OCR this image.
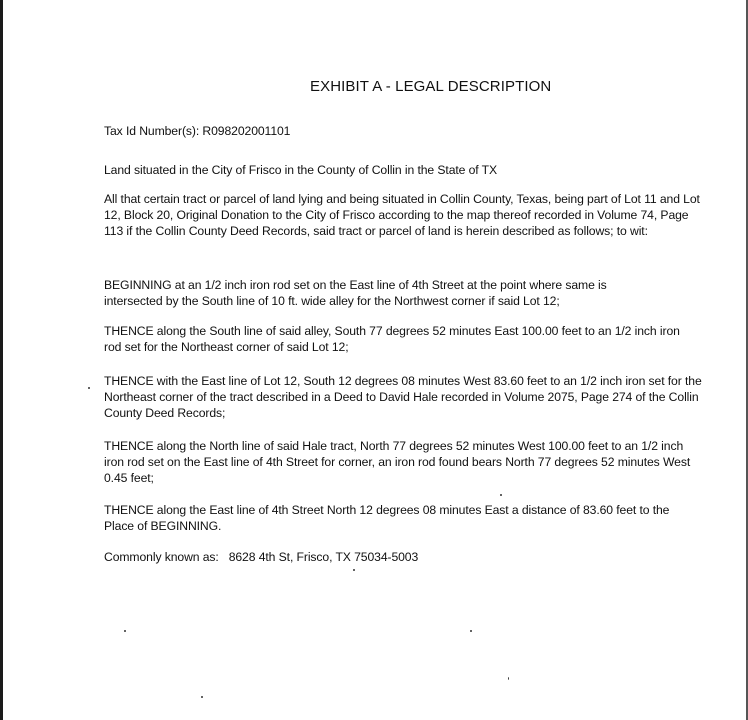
EXHIBIT A - LEGAL DESCRIPTION
Tax Id Number(s): R098202001101
Land situated in the City of Frisco in the County of Collin in the State of TX
All that certain tract or parcel of land lying and being situated in Collin County, Texas, being part of Lot 11 and Lot 12, Block 20, Original Donation to the City of Frisco according to the map thereof recorded in Volume 74, Page 113 if the Collin County Deed Records, said tract or parcel of land is herein described as follows; to wit:
BEGINNING at an 1/2 inch iron rod set on the East line of 4th Street at the point where same is intersected by the South line of 10 ft. wide alley for the Northwest corner if said Lot 12;
THENCE along the South line of said alley, South 77 degrees 52 minutes East 100.00 feet to an 1/2 inch iron rod set for the Northeast corner of said Lot 12;
THENCE with the East line of Lot 12, South 12 degrees 08 minutes West 83.60 feet to an 1/2 inch iron set for the Northeast corner of the tract described in a Deed to David Hale recorded in Volume 2075, Page 274 of the Collin County Deed Records;
THENCE along the North line of said Hale tract, North 77 degrees 52 minutes West 100.00 feet to an 1/2 inch iron rod set on the East line of 4th Street for corner, an iron rod found bears North 77 degrees 52 minutes West 0.45 feet;
THENCE along the East line of 4th Street North 12 degrees 08 minutes East a distance of 83.60 feet to the Place of BEGINNING.
Commonly known as: 8628 4th St, Frisco, TX 75034-5003
